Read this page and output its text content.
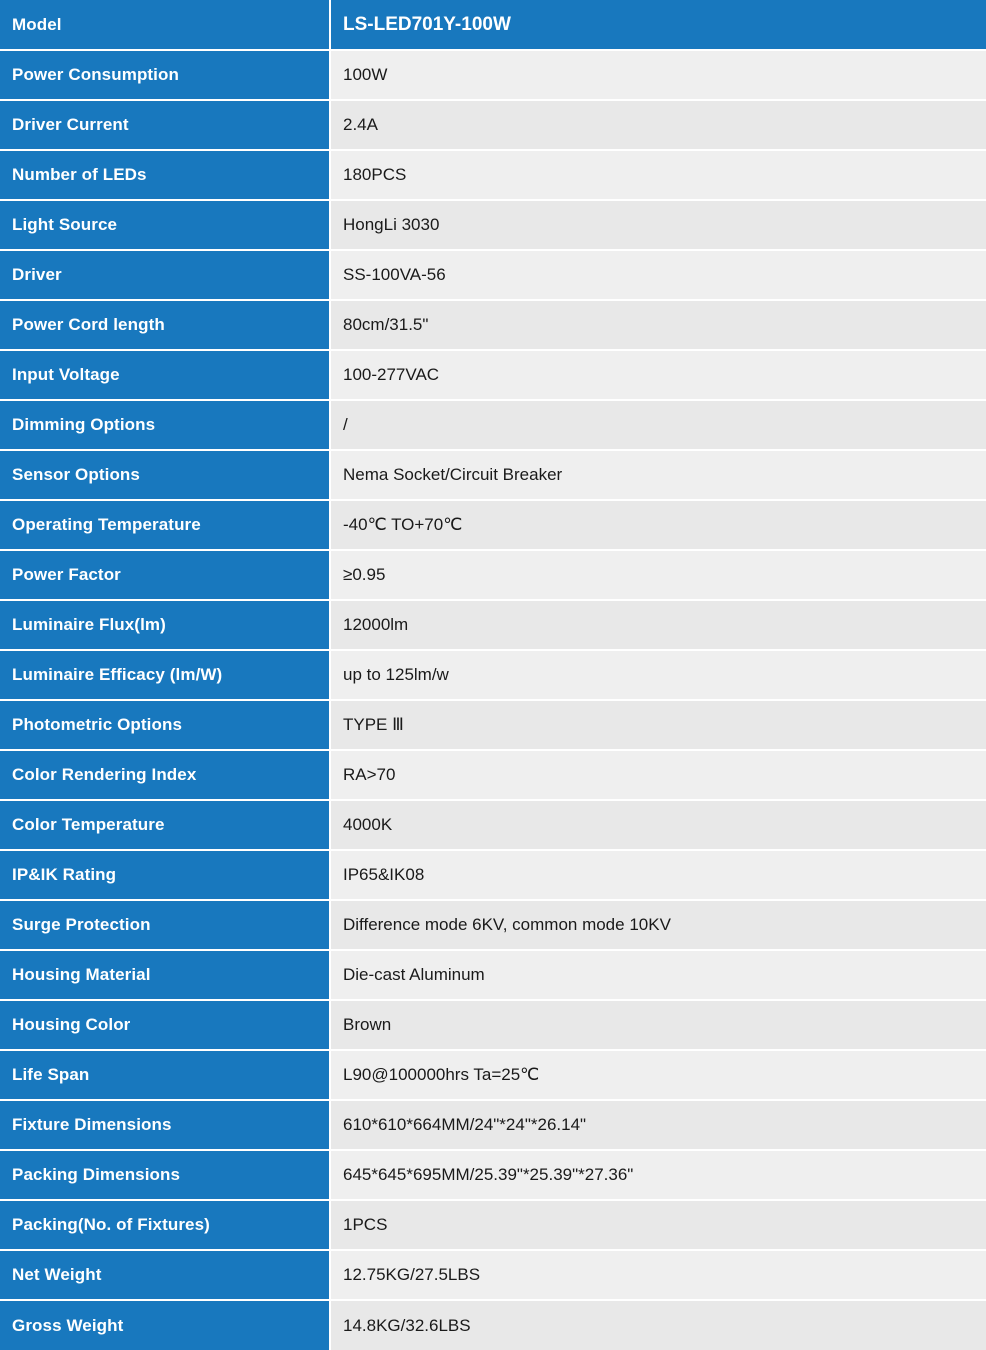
Model	LS-LED701Y-100W
Power Consumption	100W
Driver Current	2.4A
Number of LEDs	180PCS
Light Source	HongLi 3030
Driver	SS-100VA-56
Power Cord length	80cm/31.5"
Input Voltage	100-277VAC
Dimming Options	/
Sensor Options	Nema Socket/Circuit Breaker
Operating Temperature	-40℃ TO+70℃
Power Factor	≥0.95
Luminaire Flux(lm)	12000lm
Luminaire Efficacy (lm/W)	up to 125lm/w
Photometric Options	TYPE Ⅲ
Color Rendering Index	RA>70
Color Temperature	4000K
IP&IK Rating	IP65&IK08
Surge Protection	Difference mode 6KV, common mode 10KV
Housing Material	Die-cast Aluminum
Housing Color	Brown
Life Span	L90@100000hrs Ta=25℃
Fixture Dimensions	610*610*664MM/24"*24"*26.14"
Packing Dimensions	645*645*695MM/25.39"*25.39"*27.36"
Packing(No. of Fixtures)	1PCS
Net Weight	12.75KG/27.5LBS
Gross Weight	14.8KG/32.6LBS
